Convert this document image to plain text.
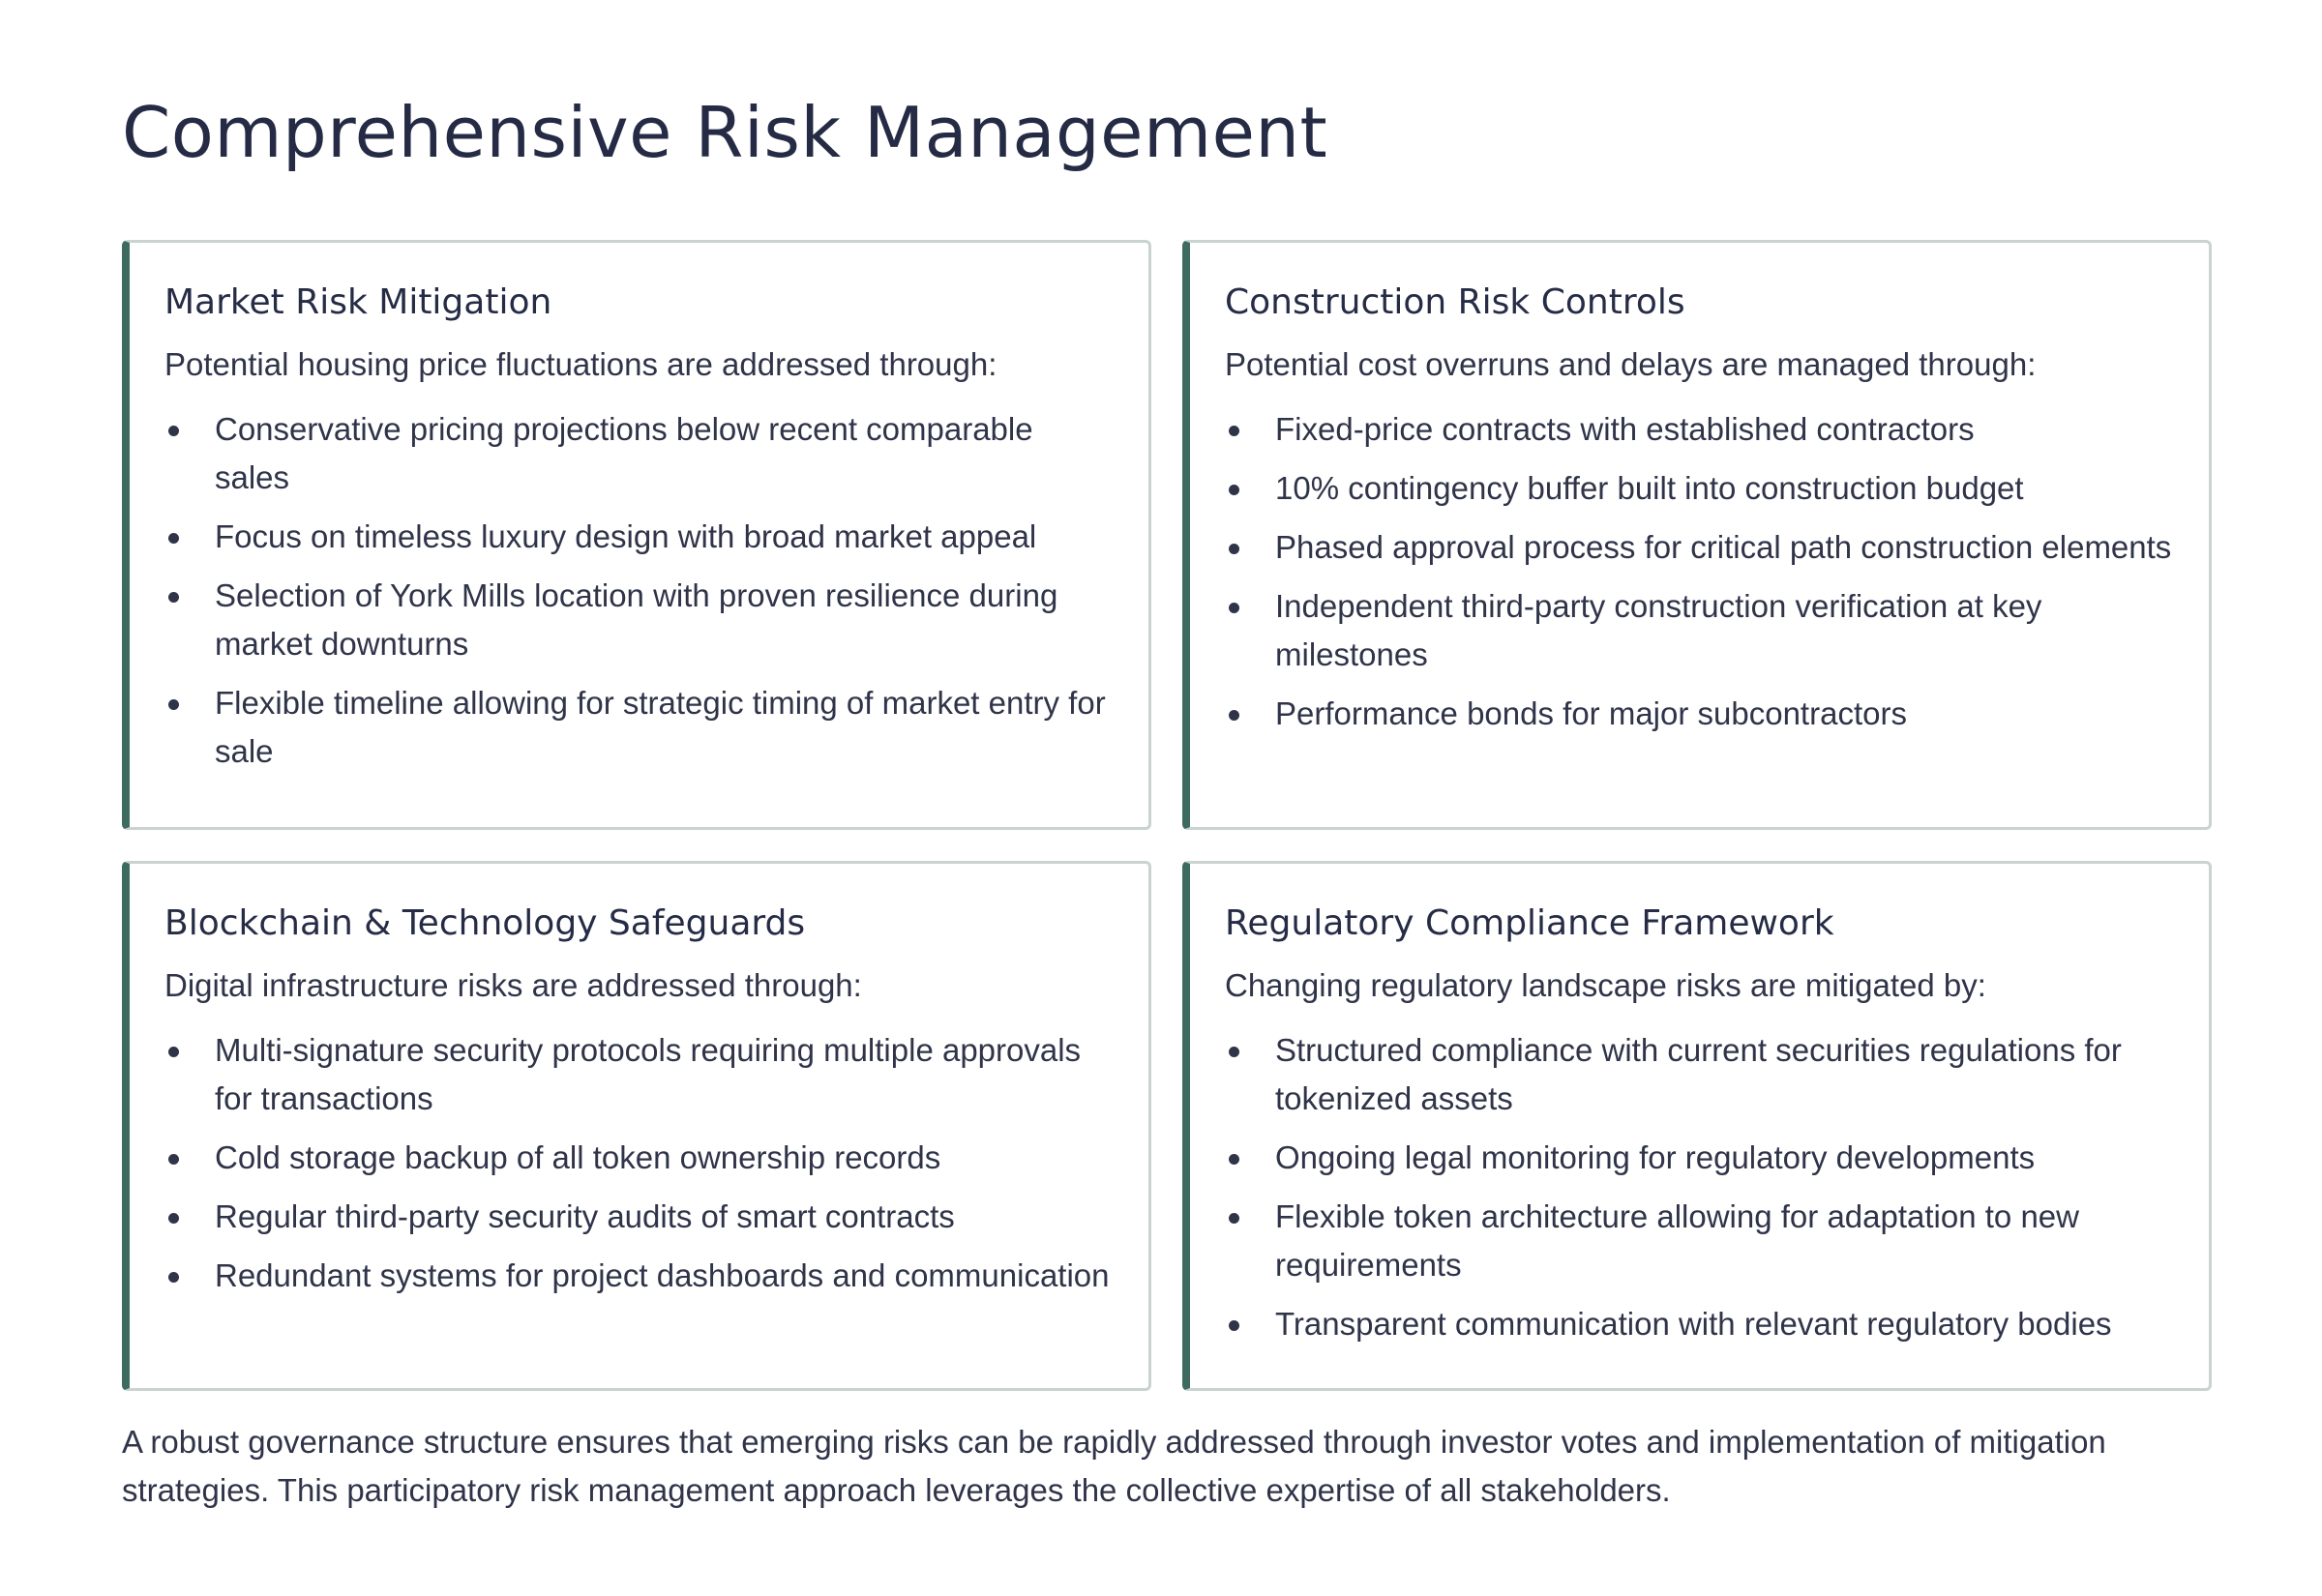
Comprehensive Risk Management
Market Risk Mitigation

Potential housing price fluctuations are addressed through:

Conservative pricing projections below recent comparable sales
Focus on timeless luxury design with broad market appeal
Selection of York Mills location with proven resilience during market downturns
Flexible timeline allowing for strategic timing of market entry for sale
Construction Risk Controls

Potential cost overruns and delays are managed through:

Fixed-price contracts with established contractors
10% contingency buffer built into construction budget
Phased approval process for critical path construction elements
Independent third-party construction verification at key milestones
Performance bonds for major subcontractors
Blockchain & Technology Safeguards

Digital infrastructure risks are addressed through:

Multi-signature security protocols requiring multiple approvals for transactions
Cold storage backup of all token ownership records
Regular third-party security audits of smart contracts
Redundant systems for project dashboards and communication
Regulatory Compliance Framework

Changing regulatory landscape risks are mitigated by:

Structured compliance with current securities regulations for tokenized assets
Ongoing legal monitoring for regulatory developments
Flexible token architecture allowing for adaptation to new requirements
Transparent communication with relevant regulatory bodies

A robust governance structure ensures that emerging risks can be rapidly addressed through investor votes and implementation of mitigation strategies. This participatory risk management approach leverages the collective expertise of all stakeholders.
